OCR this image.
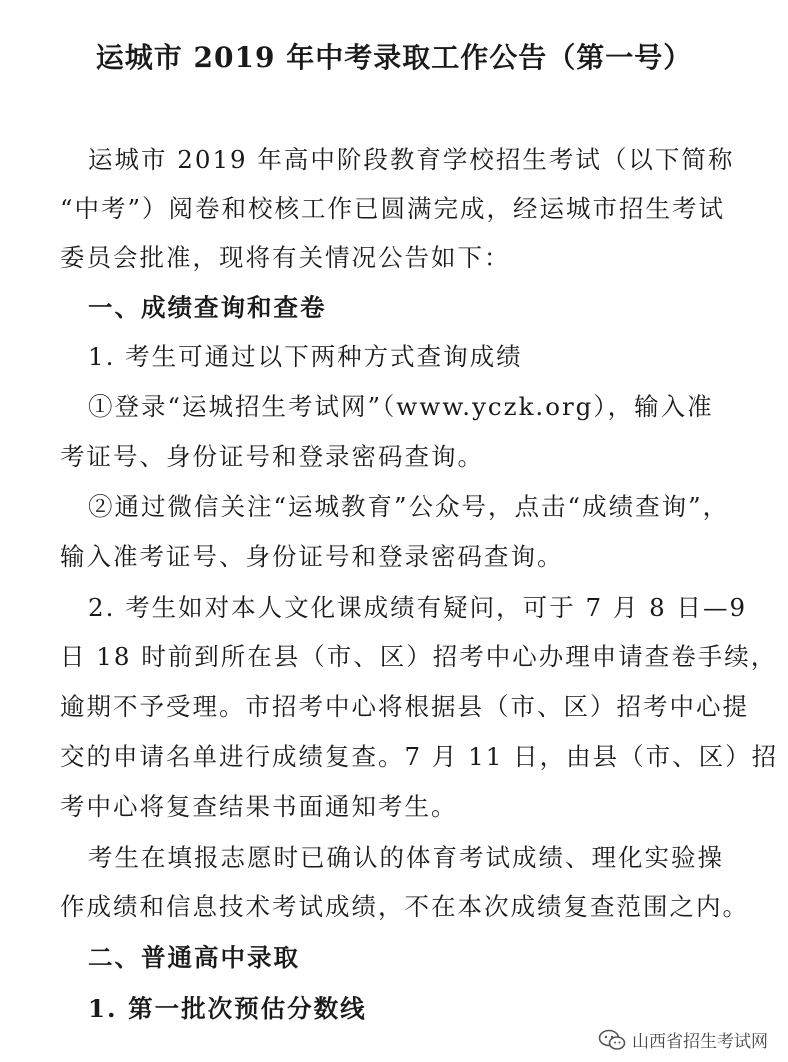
运城市 2019 年中考录取工作公告（第一号）
运城市 2019 年高中阶段教育学校招生考试（以下简称
“中考”）阅卷和校核工作已圆满完成，经运城市招生考试
委员会批准，现将有关情况公告如下：
一、成绩查询和查卷
1. 考生可通过以下两种方式查询成绩
①登录“运城招生考试网”（www.yczk.org），输入准
考证号、身份证号和登录密码查询。
②通过微信关注“运城教育”公众号，点击“成绩查询”，
输入准考证号、身份证号和登录密码查询。
2. 考生如对本人文化课成绩有疑问，可于 7 月 8 日—9
日 18 时前到所在县（市、区）招考中心办理申请查卷手续，
逾期不予受理。市招考中心将根据县（市、区）招考中心提
交的申请名单进行成绩复查。7 月 11 日，由县（市、区）招
考中心将复查结果书面通知考生。
考生在填报志愿时已确认的体育考试成绩、理化实验操
作成绩和信息技术考试成绩，不在本次成绩复查范围之内。
二、普通高中录取
1. 第一批次预估分数线
山西省招生考试网
